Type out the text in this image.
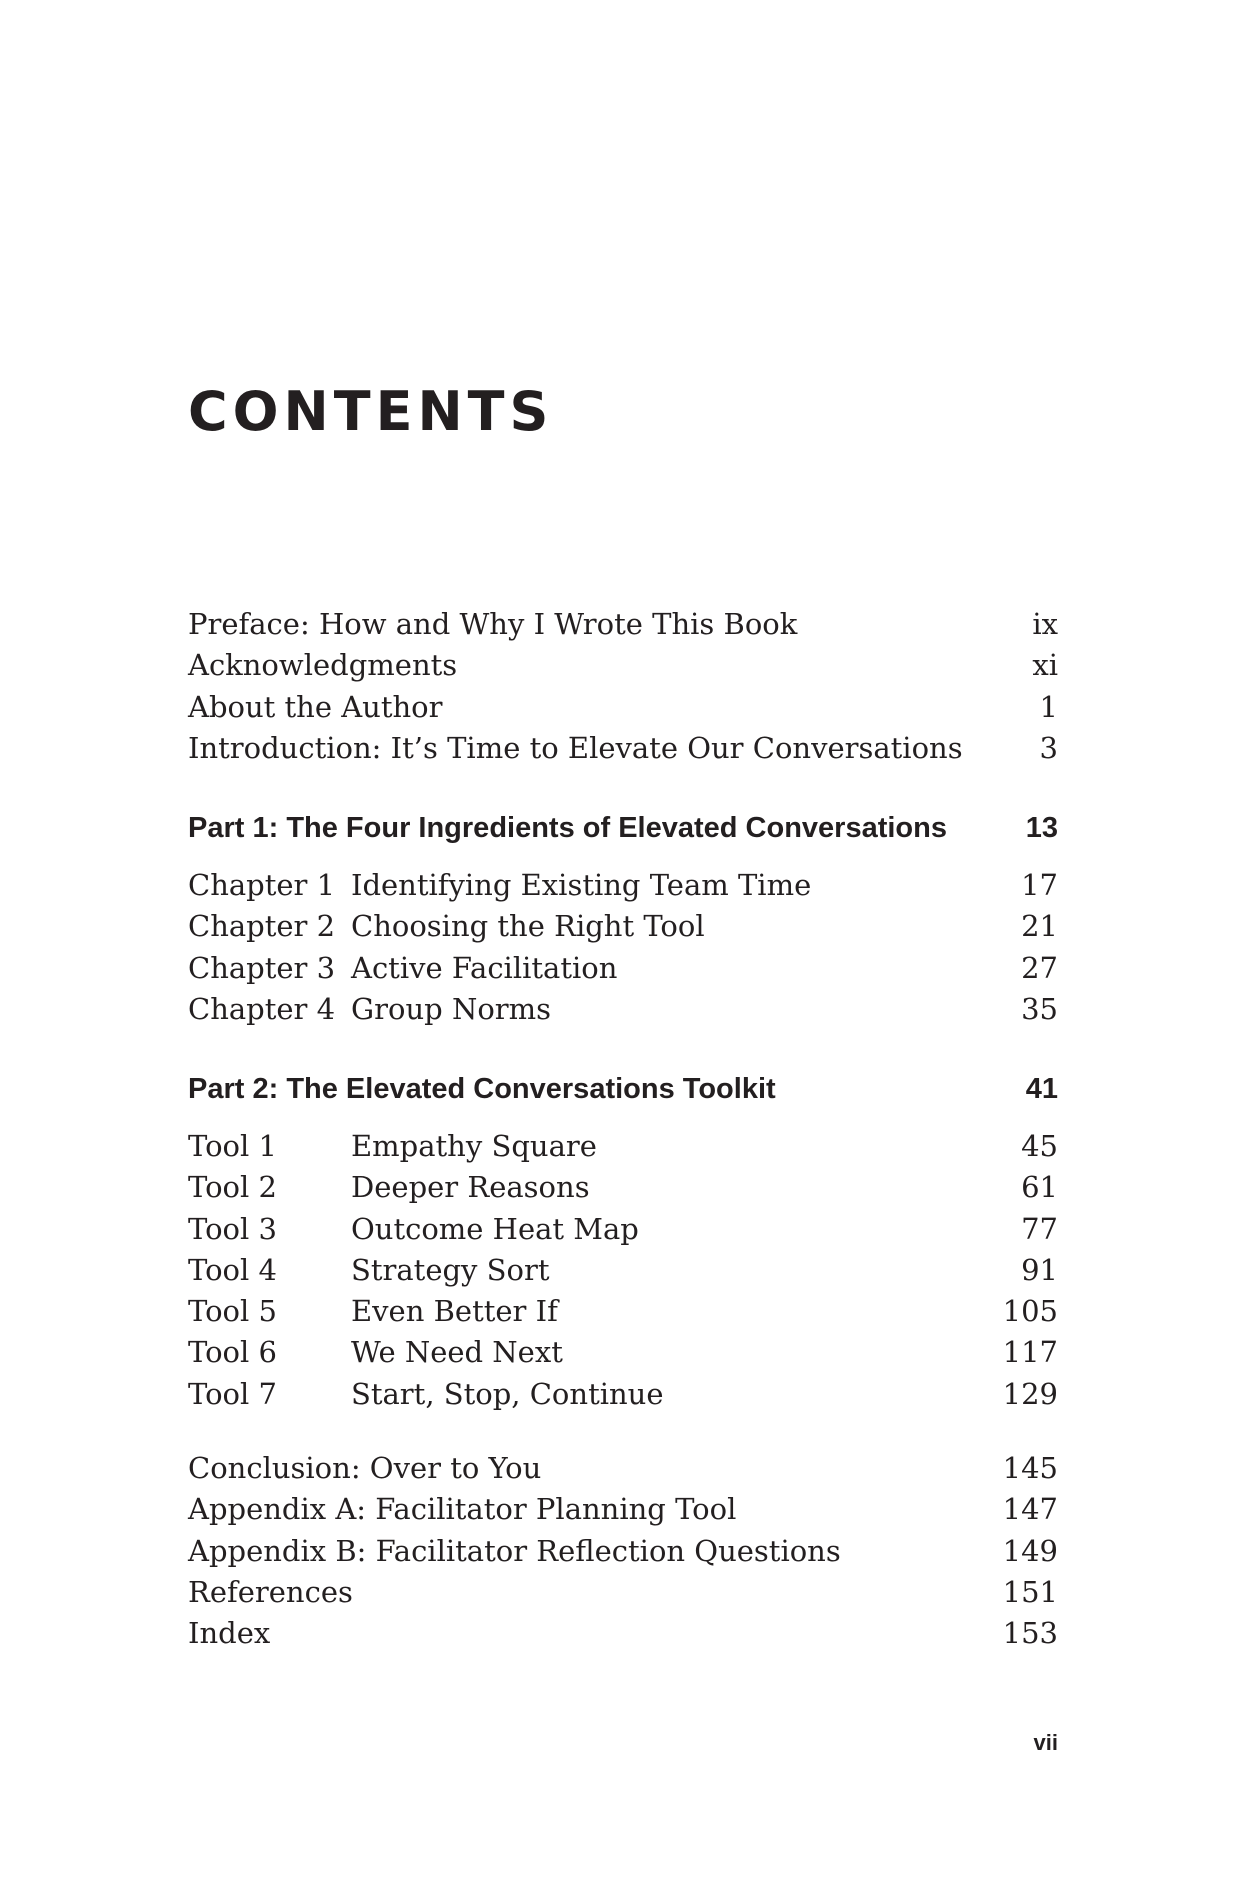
CONTENTS
Preface: How and Why I Wrote This Book	ix
Acknowledgments	xi
About the Author	1
Introduction: It’s Time to Elevate Our Conversations	3
Part 1: The Four Ingredients of Elevated Conversations	13
Chapter 1 Identifying Existing Team Time	17
Chapter 2 Choosing the Right Tool	21
Chapter 3 Active Facilitation	27
Chapter 4 Group Norms	35
Part 2: The Elevated Conversations Toolkit	41
Tool 1	Empathy Square	45
Tool 2	Deeper Reasons	61
Tool 3	Outcome Heat Map	77
Tool 4	Strategy Sort	91
Tool 5	Even Better If	105
Tool 6	We Need Next	117
Tool 7	Start, Stop, Continue	129
Conclusion: Over to You	145
Appendix A: Facilitator Planning Tool	147
Appendix B: Facilitator Reflection Questions	149
References	151
Index	153
vii
